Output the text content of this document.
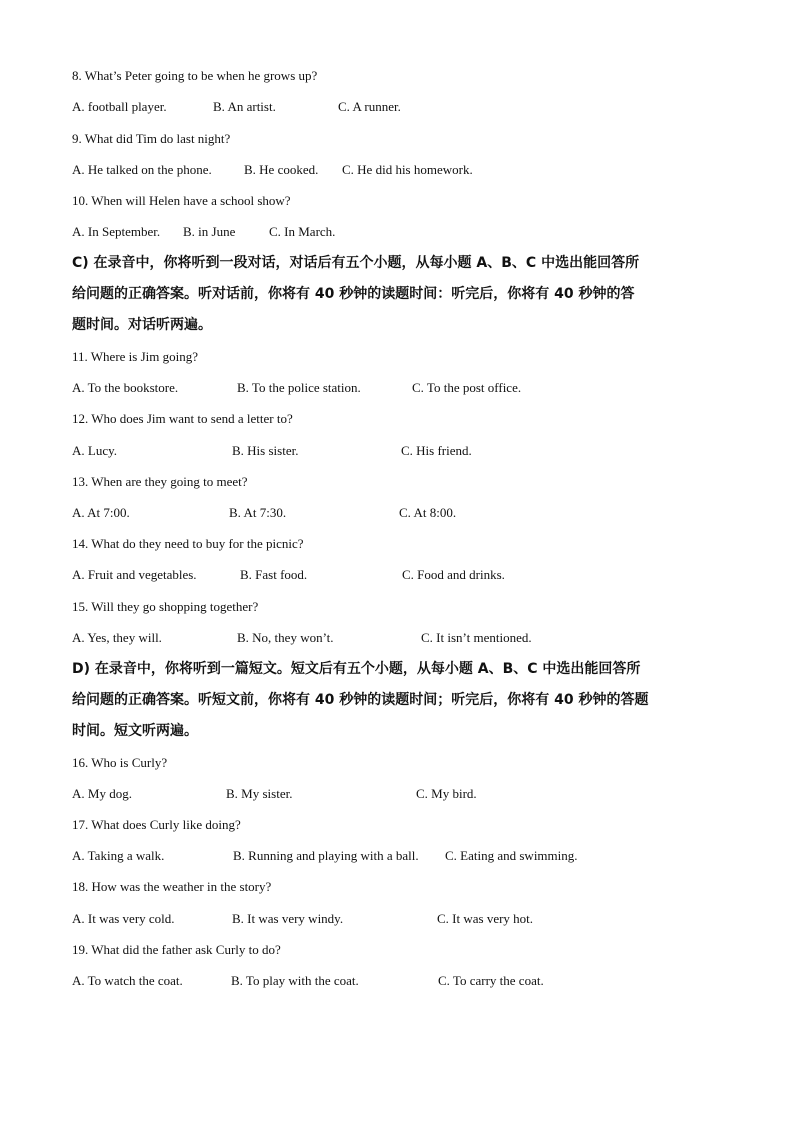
8. What’s Peter going to be when he grows up?
A. football player.	B. An artist.	C. A runner.
9. What did Tim do last night?
A. He talked on the phone. B. He cooked. C. He did his homework.
10. When will Helen have a school show?
A. In September. B. in June	C. In March.
C) 在录音中，你将听到一段对话，对话后有五个小题，从每小题 A、B、C 中选出能回答所
给问题的正确答案。听对话前，你将有 40 秒钟的读题时间：听完后，你将有 40 秒钟的答
题时间。对话听两遍。
11. Where is Jim going?
A. To the bookstore.	B. To the police station.	C. To the post office.
12. Who does Jim want to send a letter to?
A. Lucy.	B. His sister.	C. His friend.
13. When are they going to meet?
A. At 7:00.	B. At 7:30.	C. At 8:00.
14. What do they need to buy for the picnic?
A. Fruit and vegetables.	B. Fast food.	C. Food and drinks.
15. Will they go shopping together?
A. Yes, they will.	B. No, they won’t.	C. It isn’t mentioned.
D) 在录音中，你将听到一篇短文。短文后有五个小题，从每小题 A、B、C 中选出能回答所
给问题的正确答案。听短文前，你将有 40 秒钟的读题时间；听完后，你将有 40 秒钟的答题
时间。短文听两遍。
16. Who is Curly?
A. My dog.	B. My sister.	C. My bird.
17. What does Curly like doing?
A. Taking a walk.	B. Running and playing with a ball. C. Eating and swimming.
18. How was the weather in the story?
A. It was very cold.	B. It was very windy.	C. It was very hot.
19. What did the father ask Curly to do?
A. To watch the coat.	B. To play with the coat.	C. To carry the coat.
